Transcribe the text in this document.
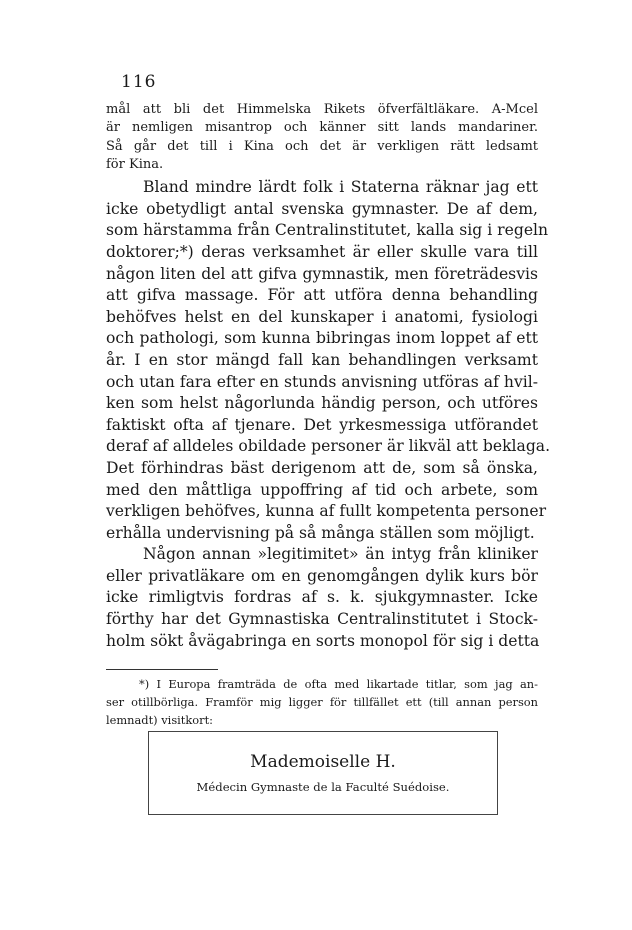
116
mål att bli det Himmelska Rikets öfverfältläkare. A-Mcel
är nemligen misantrop och känner sitt lands mandariner.
Så går det till i Kina och det är verkligen rätt ledsamt
för Kina.
Bland mindre lärdt folk i Staterna räknar jag ett
icke obetydligt antal svenska gymnaster. De af dem,
som härstamma från Centralinstitutet, kalla sig i regeln
doktorer;*) deras verksamhet är eller skulle vara till
någon liten del att gifva gymnastik, men företrädesvis
att gifva massage. För att utföra denna behandling
behöfves helst en del kunskaper i anatomi, fysiologi
och pathologi, som kunna bibringas inom loppet af ett
år. I en stor mängd fall kan behandlingen verksamt
och utan fara efter en stunds anvisning utföras af hvil-
ken som helst någorlunda händig person, och utföres
faktiskt ofta af tjenare. Det yrkesmessiga utförandet
deraf af alldeles obildade personer är likväl att beklaga.
Det förhindras bäst derigenom att de, som så önska,
med den måttliga uppoffring af tid och arbete, som
verkligen behöfves, kunna af fullt kompetenta personer
erhålla undervisning på så många ställen som möjligt.
Någon annan »legitimitet» än intyg från kliniker
eller privatläkare om en genomgången dylik kurs bör
icke rimligtvis fordras af s. k. sjukgymnaster. Icke
förthy har det Gymnastiska Centralinstitutet i Stock-
holm sökt åvägabringa en sorts monopol för sig i detta
*) I Europa framträda de ofta med likartade titlar, som jag an-
ser otillbörliga. Framför mig ligger för tillfället ett (till annan person
lemnadt) visitkort:
Mademoiselle H.
Médecin Gymnaste de la Faculté Suédoise.
